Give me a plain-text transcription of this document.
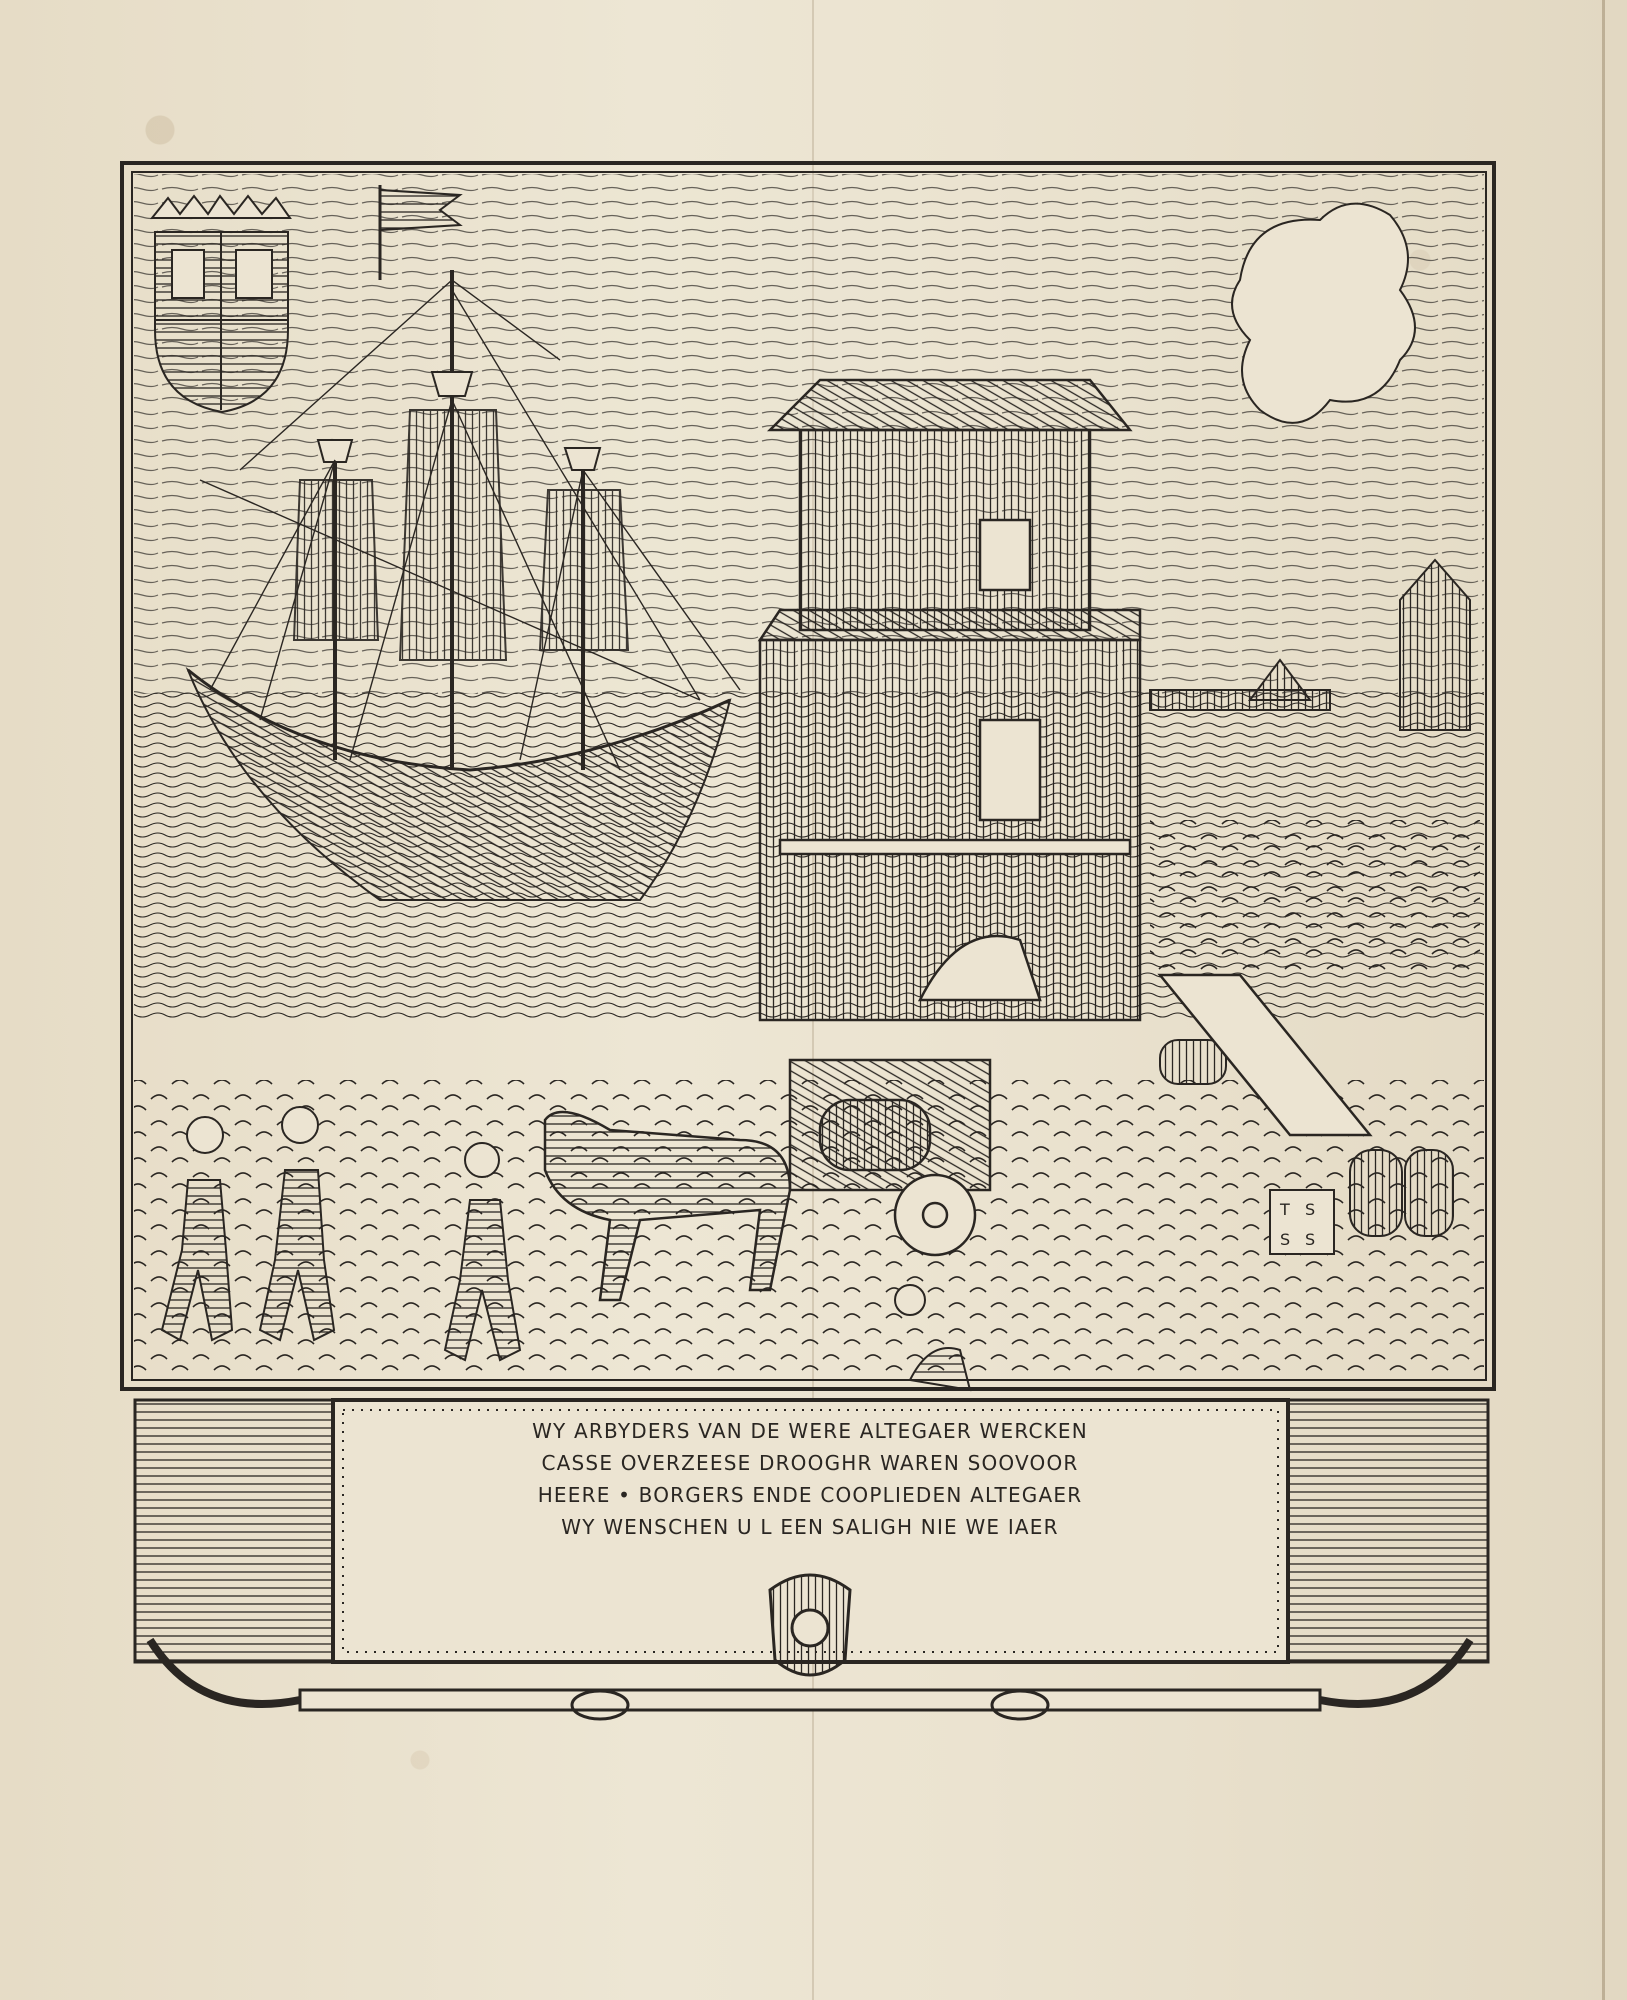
T S
S S
WY ARBYDERS VAN DE WERE ALTEGAER WERCKEN
CASSE OVERZEESE DROOGHR WAREN SOOVOOR
HEERE • BORGERS ENDE COOPLIEDEN ALTEGAER
WY WENSCHEN U L EEN SALIGH NIE WE IAER
